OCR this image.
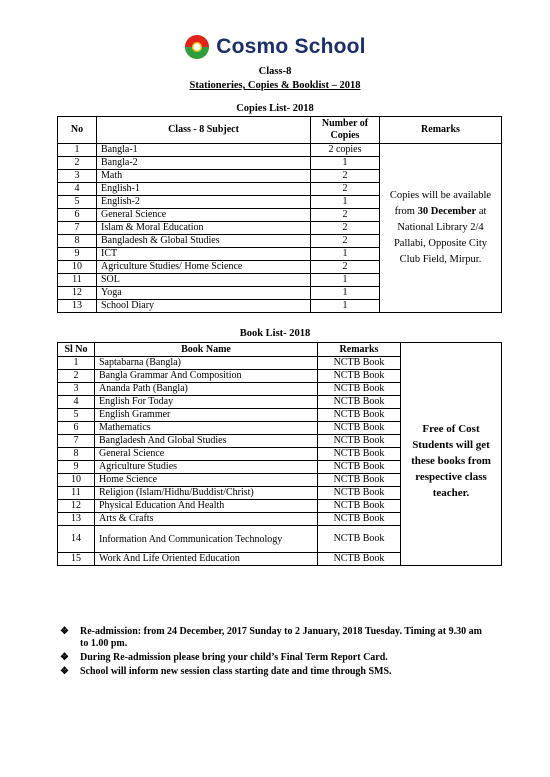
Cosmo School
Class-8
Stationeries, Copies & Booklist – 2018
Copies List- 2018
No	Class - 8 Subject	Number of Copies	Remarks
1	Bangla-1	2 copies	Copies will be available from 30 December at National Library 2/4 Pallabi, Opposite City Club Field, Mirpur.
2	Bangla-2	1	
3	Math	2	
4	English-1	2	
5	English-2	1	
6	General Science	2	
7	Islam & Moral Education	2	
8	Bangladesh & Global Studies	2	
9	ICT	1	
10	Agriculture Studies/ Home Science	2	
11	SOL	1	
12	Yoga	1	
13	School Diary	1	
Book List- 2018
Sl No	Book Name	Remarks	
1	Saptabarna (Bangla)	NCTB Book	Free of Cost Students will get these books from respective class teacher.
2	Bangla Grammar And Composition	NCTB Book	
3	Ananda Path (Bangla)	NCTB Book	
4	English For Today	NCTB Book	
5	English Grammer	NCTB Book	
6	Mathematics	NCTB Book	
7	Bangladesh And Global Studies	NCTB Book	
8	General Science	NCTB Book	
9	Agriculture Studies	NCTB Book	
10	Home Science	NCTB Book	
11	Religion (Islam/Hidhu/Buddist/Christ)	NCTB Book	
12	Physical Education And Health	NCTB Book	
13	Arts & Crafts	NCTB Book	
14	Information And Communication Technology	NCTB Book	
15	Work And Life Oriented Education	NCTB Book	
❖	Re-admission: from 24 December, 2017 Sunday to 2 January, 2018 Tuesday. Timing at 9.30 am to 1.00 pm.
❖	During Re-admission please bring your child’s Final Term Report Card.
❖	School will inform new session class starting date and time through SMS.
